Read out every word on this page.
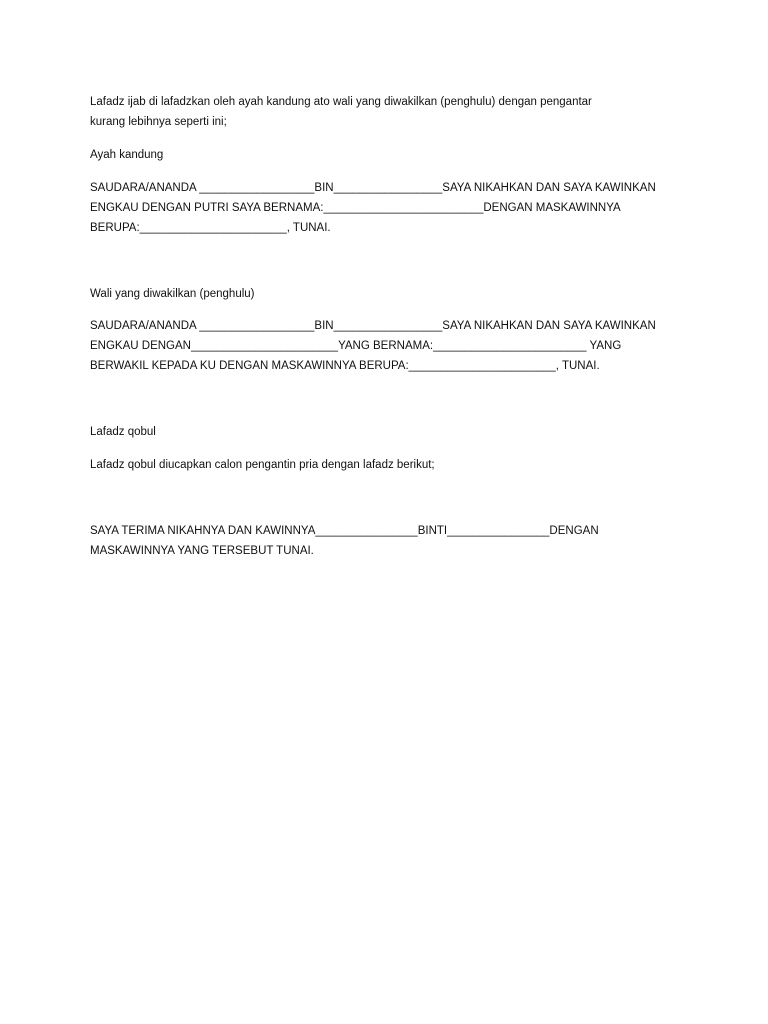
Lafadz ijab di lafadzkan oleh ayah kandung ato wali yang diwakilkan (penghulu) dengan pengantar

kurang lebihnya seperti ini;

Ayah kandung

SAUDARA/ANANDA __________________BIN_________________SAYA NIKAHKAN DAN SAYA KAWINKAN

ENGKAU DENGAN PUTRI SAYA BERNAMA:_________________________DENGAN MASKAWINNYA

BERUPA:_______________________, TUNAI.

Wali yang diwakilkan (penghulu)

SAUDARA/ANANDA __________________BIN_________________SAYA NIKAHKAN DAN SAYA KAWINKAN

ENGKAU DENGAN_______________________YANG BERNAMA:________________________ YANG

BERWAKIL KEPADA KU DENGAN MASKAWINNYA BERUPA:_______________________, TUNAI.

Lafadz qobul

Lafadz qobul diucapkan calon pengantin pria dengan lafadz berikut;

SAYA TERIMA NIKAHNYA DAN KAWINNYA________________BINTI________________DENGAN

MASKAWINNYA YANG TERSEBUT TUNAI.
